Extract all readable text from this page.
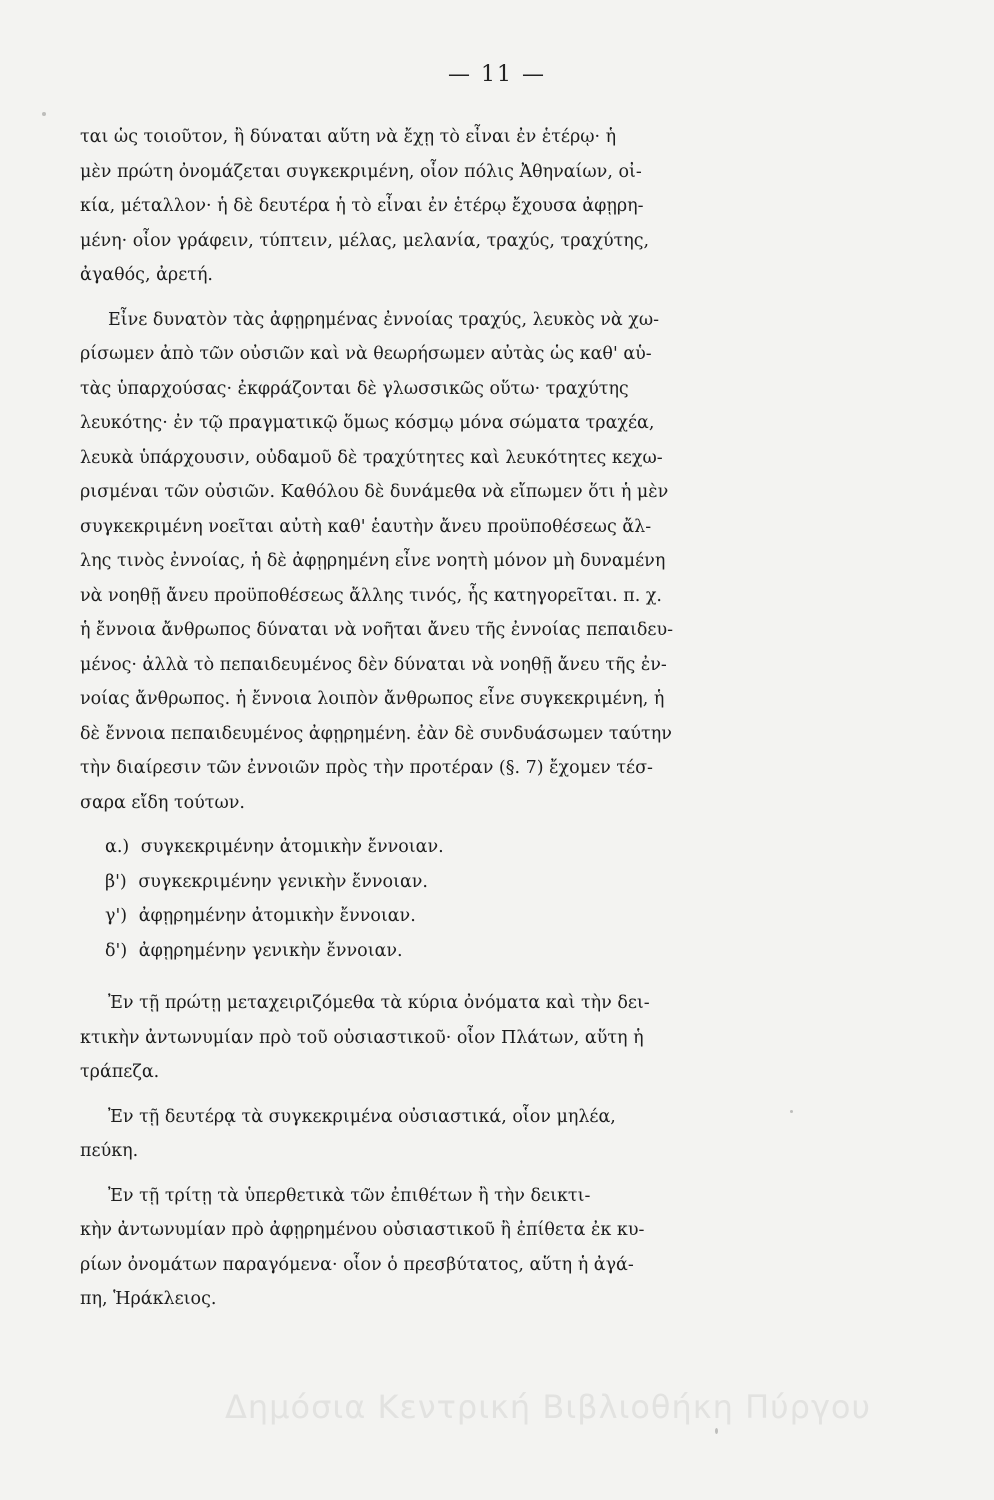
— 11 —

ται ὡς τοιοῦτον, ἢ δύναται αὕτη νὰ ἔχῃ τὸ εἶναι ἐν ἑτέρῳ· ἡ
μὲν πρώτη ὀνομάζεται συγκεκριμένη, οἷον πόλις Ἀθηναίων, οἰ-
κία, μέταλλον· ἡ δὲ δευτέρα ἡ τὸ εἶναι ἐν ἑτέρῳ ἔχουσα ἀφῃρη-
μένη· οἷον γράφειν, τύπτειν, μέλας, μελανία, τραχύς, τραχύτης,
ἀγαθός, ἀρετή.

Εἶνε δυνατὸν τὰς ἀφῃρημένας ἐννοίας τραχύς, λευκὸς νὰ χω-
ρίσωμεν ἀπὸ τῶν οὐσιῶν καὶ νὰ θεωρήσωμεν αὐτὰς ὡς καθ' αὑ-
τὰς ὑπαρχούσας· ἐκφράζονται δὲ γλωσσικῶς οὕτω· τραχύτης
λευκότης· ἐν τῷ πραγματικῷ ὅμως κόσμῳ μόνα σώματα τραχέα,
λευκὰ ὑπάρχουσιν, οὐδαμοῦ δὲ τραχύτητες καὶ λευκότητες κεχω-
ρισμέναι τῶν οὐσιῶν. Καθόλου δὲ δυνάμεθα νὰ εἴπωμεν ὅτι ἡ μὲν
συγκεκριμένη νοεῖται αὐτὴ καθ' ἑαυτὴν ἄνευ προϋποθέσεως ἄλ-
λης τινὸς ἐννοίας, ἡ δὲ ἀφῃρημένη εἶνε νοητὴ μόνον μὴ δυναμένη
νὰ νοηθῇ ἄνευ προϋποθέσεως ἄλλης τινός, ἧς κατηγορεῖται. π. χ.
ἡ ἔννοια ἄνθρωπος δύναται νὰ νοῆται ἄνευ τῆς ἐννοίας πεπαιδευ-
μένος· ἀλλὰ τὸ πεπαιδευμένος δὲν δύναται νὰ νοηθῇ ἄνευ τῆς ἐν-
νοίας ἄνθρωπος. ἡ ἔννοια λοιπὸν ἄνθρωπος εἶνε συγκεκριμένη, ἡ
δὲ ἔννοια πεπαιδευμένος ἀφῃρημένη. ἐὰν δὲ συνδυάσωμεν ταύτην
τὴν διαίρεσιν τῶν ἐννοιῶν πρὸς τὴν προτέραν (§. 7) ἔχομεν τέσ-
σαρα εἴδη τούτων.

α.) συγκεκριμένην ἀτομικὴν ἔννοιαν.
β') συγκεκριμένην γενικὴν ἔννοιαν.
γ') ἀφῃρημένην ἀτομικὴν ἔννοιαν.
δ') ἀφῃρημένην γενικὴν ἔννοιαν.

Ἐν τῇ πρώτῃ μεταχειριζόμεθα τὰ κύρια ὀνόματα καὶ τὴν δει-
κτικὴν ἀντωνυμίαν πρὸ τοῦ οὐσιαστικοῦ· οἷον Πλάτων, αὕτη ἡ
τράπεζα.

Ἐν τῇ δευτέρᾳ τὰ συγκεκριμένα οὐσιαστικά, οἷον μηλέα,
πεύκη.

Ἐν τῇ τρίτῃ τὰ ὑπερθετικὰ τῶν ἐπιθέτων ἢ τὴν δεικτι-
κὴν ἀντωνυμίαν πρὸ ἀφῃρημένου οὐσιαστικοῦ ἢ ἐπίθετα ἐκ κυ-
ρίων ὀνομάτων παραγόμενα· οἷον ὁ πρεσβύτατος, αὕτη ἡ ἀγά-
πη, Ἡράκλειος.

Δημόσια Κεντρική Βιβλιοθήκη Πύργου
